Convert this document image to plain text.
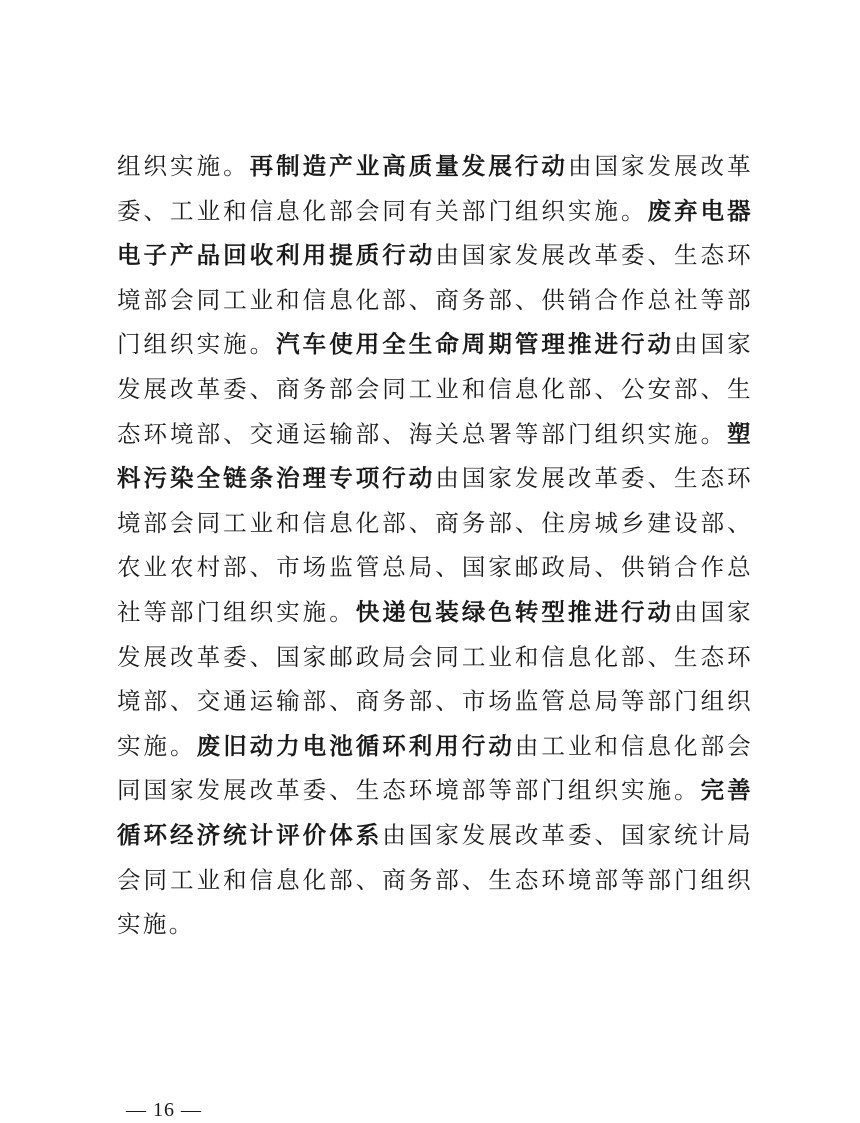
组织实施。再制造产业高质量发展行动由国家发展改革委、工业和信息化部会同有关部门组织实施。废弃电器电子产品回收利用提质行动由国家发展改革委、生态环境部会同工业和信息化部、商务部、供销合作总社等部门组织实施。汽车使用全生命周期管理推进行动由国家发展改革委、商务部会同工业和信息化部、公安部、生态环境部、交通运输部、海关总署等部门组织实施。塑料污染全链条治理专项行动由国家发展改革委、生态环境部会同工业和信息化部、商务部、住房城乡建设部、农业农村部、市场监管总局、国家邮政局、供销合作总社等部门组织实施。快递包装绿色转型推进行动由国家发展改革委、国家邮政局会同工业和信息化部、生态环境部、交通运输部、商务部、市场监管总局等部门组织实施。废旧动力电池循环利用行动由工业和信息化部会同国家发展改革委、生态环境部等部门组织实施。完善循环经济统计评价体系由国家发展改革委、国家统计局会同工业和信息化部、商务部、生态环境部等部门组织实施。

— 16 —
